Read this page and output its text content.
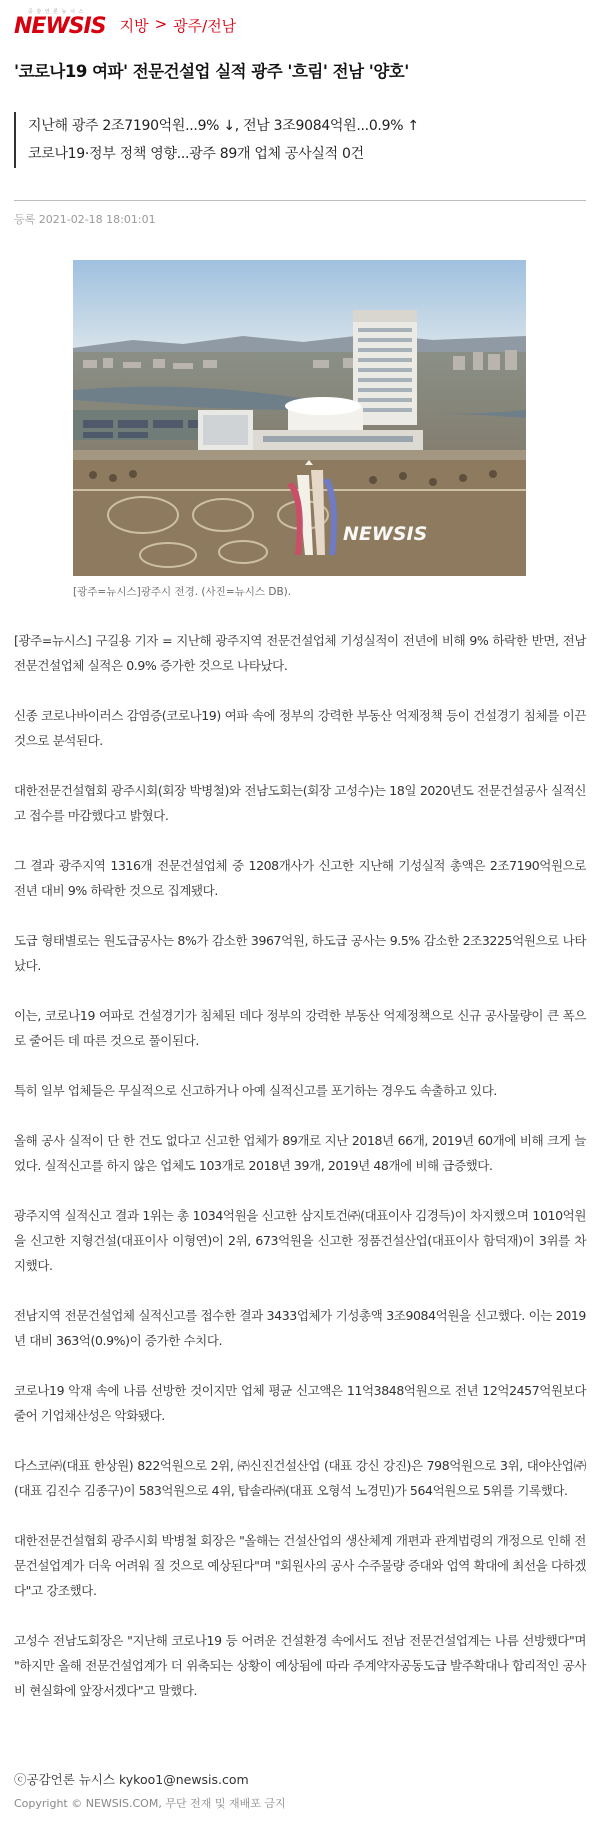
공 감 언 론 뉴 시 스
NEWSIS 지방 > 광주/전남
'코로나19 여파' 전문건설업 실적 광주 '흐림' 전남 '양호'
지난해 광주 2조7190억원...9% ↓, 전남 3조9084억원...0.9% ↑
코로나19·정부 정책 영향...광주 89개 업체 공사실적 0건
등록 2021-02-18 18:01:01
NEWSIS
[광주=뉴시스]광주시 전경. (사진=뉴시스 DB).

[광주=뉴시스] 구길용 기자 = 지난해 광주지역 전문건설업체 기성실적이 전년에 비해 9% 하락한 반면, 전남 전문건설업체 실적은 0.9% 증가한 것으로 나타났다.

신종 코로나바이러스 감염증(코로나19) 여파 속에 정부의 강력한 부동산 억제정책 등이 건설경기 침체를 이끈 것으로 분석된다.

대한전문건설협회 광주시회(회장 박병철)와 전남도회는(회장 고성수)는 18일 2020년도 전문건설공사 실적신고 접수를 마감했다고 밝혔다.

그 결과 광주지역 1316개 전문건설업체 중 1208개사가 신고한 지난해 기성실적 총액은 2조7190억원으로 전년 대비 9% 하락한 것으로 집계됐다.

도급 형태별로는 원도급공사는 8%가 감소한 3967억원, 하도급 공사는 9.5% 감소한 2조3225억원으로 나타났다.

이는, 코로나19 여파로 건설경기가 침체된 데다 정부의 강력한 부동산 억제정책으로 신규 공사물량이 큰 폭으로 줄어든 데 따른 것으로 풀이된다.

특히 일부 업체들은 무실적으로 신고하거나 아예 실적신고를 포기하는 경우도 속출하고 있다.

올해 공사 실적이 단 한 건도 없다고 신고한 업체가 89개로 지난 2018년 66개, 2019년 60개에 비해 크게 늘었다. 실적신고를 하지 않은 업체도 103개로 2018년 39개, 2019년 48개에 비해 급증했다.

광주지역 실적신고 결과 1위는 총 1034억원을 신고한 삼지토건㈜(대표이사 김경득)이 차지했으며 1010억원을 신고한 지형건설(대표이사 이형연)이 2위, 673억원을 신고한 정품건설산업(대표이사 함덕재)이 3위를 차지했다.

전남지역 전문건설업체 실적신고를 접수한 결과 3433업체가 기성총액 3조9084억원을 신고했다. 이는 2019년 대비 363억(0.9%)이 증가한 수치다.

코로나19 악재 속에 나름 선방한 것이지만 업체 평균 신고액은 11억3848억원으로 전년 12억2457억원보다 줄어 기업채산성은 악화됐다.

다스코㈜(대표 한상원) 822억원으로 2위, ㈜신진건설산업 (대표 강신 강진)은 798억원으로 3위, 대야산업㈜(대표 김진수 김종구)이 583억원으로 4위, 탑솔라㈜(대표 오형석 노경민)가 564억원으로 5위를 기록했다.

대한전문건설협회 광주시회 박병철 회장은 "올해는 건설산업의 생산체계 개편과 관계법령의 개정으로 인해 전문건설업계가 더욱 어려워 질 것으로 예상된다"며 "회원사의 공사 수주물량 증대와 업역 확대에 최선을 다하겠다"고 강조했다.

고성수 전남도회장은 "지난해 코로나19 등 어려운 건설환경 속에서도 전남 전문건설업계는 나름 선방했다"며 "하지만 올해 전문건설업계가 더 위축되는 상황이 예상됨에 따라 주계약자공동도급 발주확대나 합리적인 공사비 현실화에 앞장서겠다"고 말했다.

ⓒ공감언론 뉴시스 kykoo1@newsis.com
Copyright © NEWSIS.COM, 무단 전재 및 재배포 금지
